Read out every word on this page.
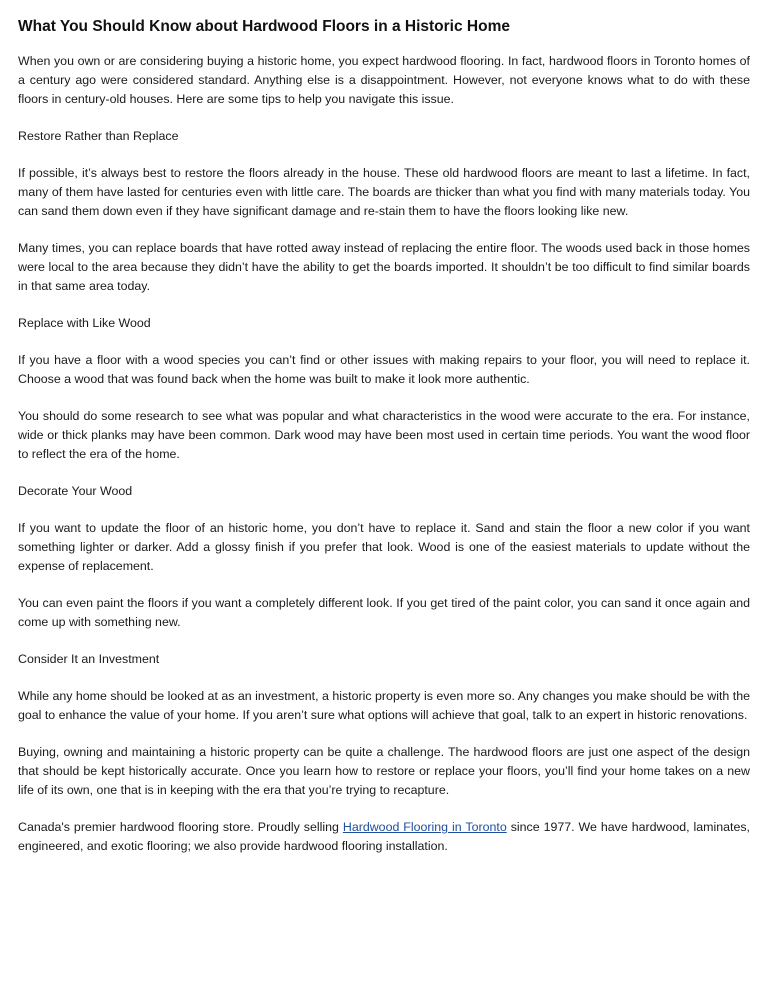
What You Should Know about Hardwood Floors in a Historic Home

When you own or are considering buying a historic home, you expect hardwood flooring. In fact, hardwood floors in Toronto homes of a century ago were considered standard. Anything else is a disappointment. However, not everyone knows what to do with these floors in century-old houses. Here are some tips to help you navigate this issue.

Restore Rather than Replace

If possible, it’s always best to restore the floors already in the house. These old hardwood floors are meant to last a lifetime. In fact, many of them have lasted for centuries even with little care. The boards are thicker than what you find with many materials today. You can sand them down even if they have significant damage and re-stain them to have the floors looking like new.

Many times, you can replace boards that have rotted away instead of replacing the entire floor. The woods used back in those homes were local to the area because they didn’t have the ability to get the boards imported. It shouldn’t be too difficult to find similar boards in that same area today.

Replace with Like Wood

If you have a floor with a wood species you can’t find or other issues with making repairs to your floor, you will need to replace it. Choose a wood that was found back when the home was built to make it look more authentic.

You should do some research to see what was popular and what characteristics in the wood were accurate to the era. For instance, wide or thick planks may have been common. Dark wood may have been most used in certain time periods. You want the wood floor to reflect the era of the home.

Decorate Your Wood

If you want to update the floor of an historic home, you don’t have to replace it. Sand and stain the floor a new color if you want something lighter or darker. Add a glossy finish if you prefer that look. Wood is one of the easiest materials to update without the expense of replacement.

You can even paint the floors if you want a completely different look. If you get tired of the paint color, you can sand it once again and come up with something new.

Consider It an Investment

While any home should be looked at as an investment, a historic property is even more so. Any changes you make should be with the goal to enhance the value of your home. If you aren’t sure what options will achieve that goal, talk to an expert in historic renovations.

Buying, owning and maintaining a historic property can be quite a challenge. The hardwood floors are just one aspect of the design that should be kept historically accurate. Once you learn how to restore or replace your floors, you’ll find your home takes on a new life of its own, one that is in keeping with the era that you’re trying to recapture.

Canada's premier hardwood flooring store. Proudly selling Hardwood Flooring in Toronto since 1977. We have hardwood, laminates, engineered, and exotic flooring; we also provide hardwood flooring installation.
